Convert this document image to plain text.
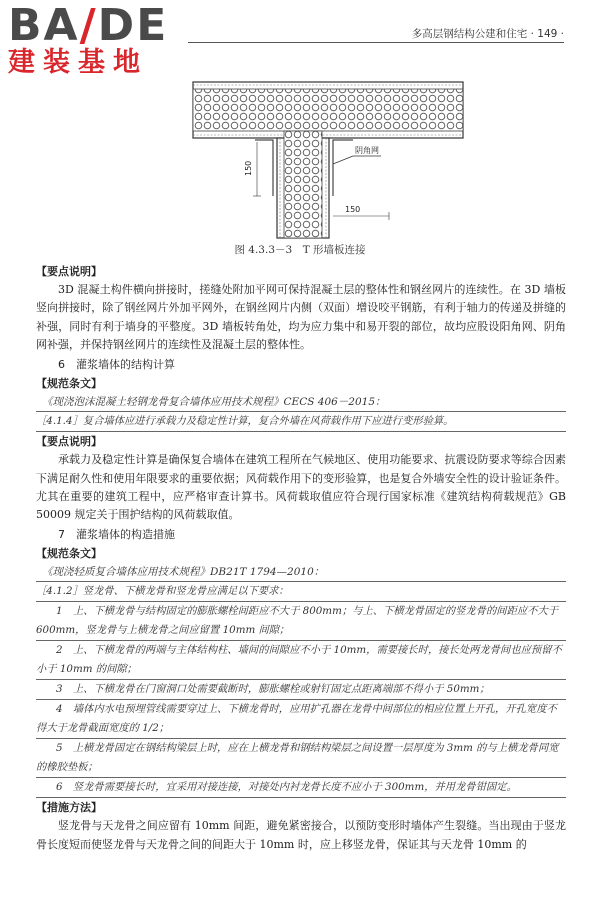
BA/DE
建装基地
多高层钢结构公建和住宅 · 149 ·
阴角网
150
150
图 4.3.3－3　T 形墙板连接

【要点说明】

3D 混凝土构件横向拼接时，搓缝处附加平网可保持混凝土层的整体性和钢丝网片的连续性。在 3D 墙板竖向拼接时，除了钢丝网片外加平网外，在钢丝网片内侧（双面）增设咬平钢筋，有利于轴力的传递及拼缝的补强，同时有利于墙身的平整度。3D 墙板转角处，均为应力集中和易开裂的部位，故均应股设阳角网、阴角网补强，并保持钢丝网片的连续性及混凝土层的整体性。

6　灌浆墙体的结构计算

【规范条文】

《现浇泡沫混凝土轻钢龙骨复合墙体应用技术规程》CECS 406－2015：

［4.1.4］复合墙体应进行承载力及稳定性计算，复合外墙在风荷载作用下应进行变形验算。

【要点说明】

承载力及稳定性计算是确保复合墙体在建筑工程所在气候地区、使用功能要求、抗震设防要求等综合因素下满足耐久性和使用年限要求的重要依据；风荷载作用下的变形验算，也是复合外墙安全性的设计验证条件。尤其在重要的建筑工程中，应严格审查计算书。风荷载取值应符合现行国家标准《建筑结构荷载规范》GB 50009 规定关于围护结构的风荷载取值。

7　灌浆墙体的构造措施

【规范条文】

《现浇轻质复合墙体应用技术规程》DB21T 1794—2010：

［4.1.2］竖龙骨、下横龙骨和竖龙骨应满足以下要求：

1　上、下横龙骨与结构固定的膨胀螺栓间距应不大于 800mm；与上、下横龙骨固定的竖龙骨的间距应不大于 600mm，竖龙骨与上横龙骨之间应留置 10mm 间隙；

2　上、下横龙骨的两端与主体结构柱、墙间的间隙应不小于 10mm，需要接长时，接长处两龙骨间也应预留不小于 10mm 的间隙；

3　上、下横龙骨在门窗洞口处需要截断时，膨胀螺栓或射钉固定点距离端部不得小于 50mm；

4　墙体内水电预埋管线需要穿过上、下横龙骨时，应用扩孔器在龙骨中间部位的相应位置上开孔，开孔宽度不得大于龙骨截面宽度的 1/2；

5　上横龙骨固定在钢结构梁层上时，应在上横龙骨和钢结构梁层之间设置一层厚度为 3mm 的与上横龙骨同宽的橡胶垫板；

6　竖龙骨需要接长时，宜采用对接连接，对接处内衬龙骨长度不应小于 300mm，并用龙骨钳固定。

【措施方法】

竖龙骨与天龙骨之间应留有 10mm 间距，避免紧密接合，以预防变形时墙体产生裂缝。当出现由于竖龙骨长度短而使竖龙骨与天龙骨之间的间距大于 10mm 时，应上移竖龙骨，保证其与天龙骨 10mm 的
